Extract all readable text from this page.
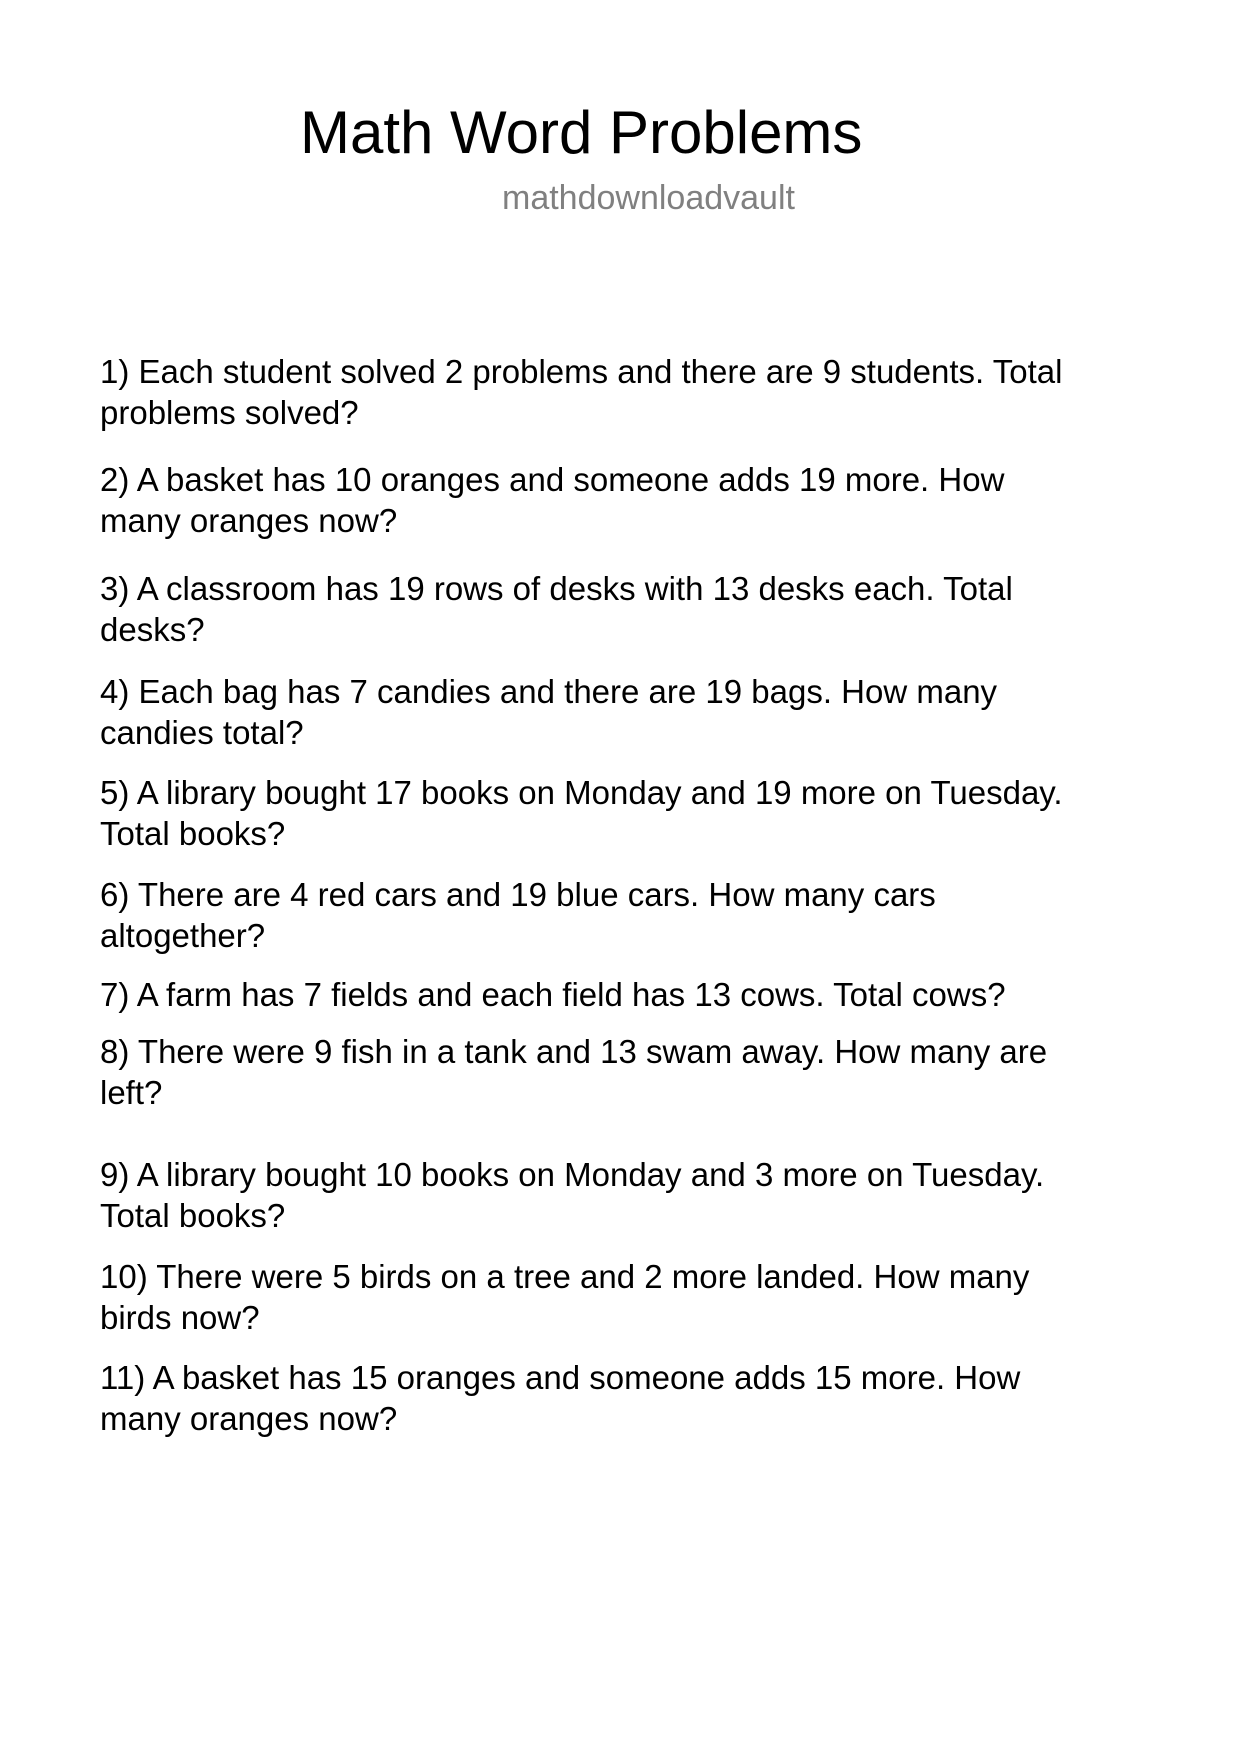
Math Word Problems
mathdownloadvault
1) Each student solved 2 problems and there are 9 students. Total
problems solved?
2) A basket has 10 oranges and someone adds 19 more. How
many oranges now?
3) A classroom has 19 rows of desks with 13 desks each. Total
desks?
4) Each bag has 7 candies and there are 19 bags. How many
candies total?
5) A library bought 17 books on Monday and 19 more on Tuesday.
Total books?
6) There are 4 red cars and 19 blue cars. How many cars
altogether?
7) A farm has 7 fields and each field has 13 cows. Total cows?
8) There were 9 fish in a tank and 13 swam away. How many are
left?
9) A library bought 10 books on Monday and 3 more on Tuesday.
Total books?
10) There were 5 birds on a tree and 2 more landed. How many
birds now?
11) A basket has 15 oranges and someone adds 15 more. How
many oranges now?
